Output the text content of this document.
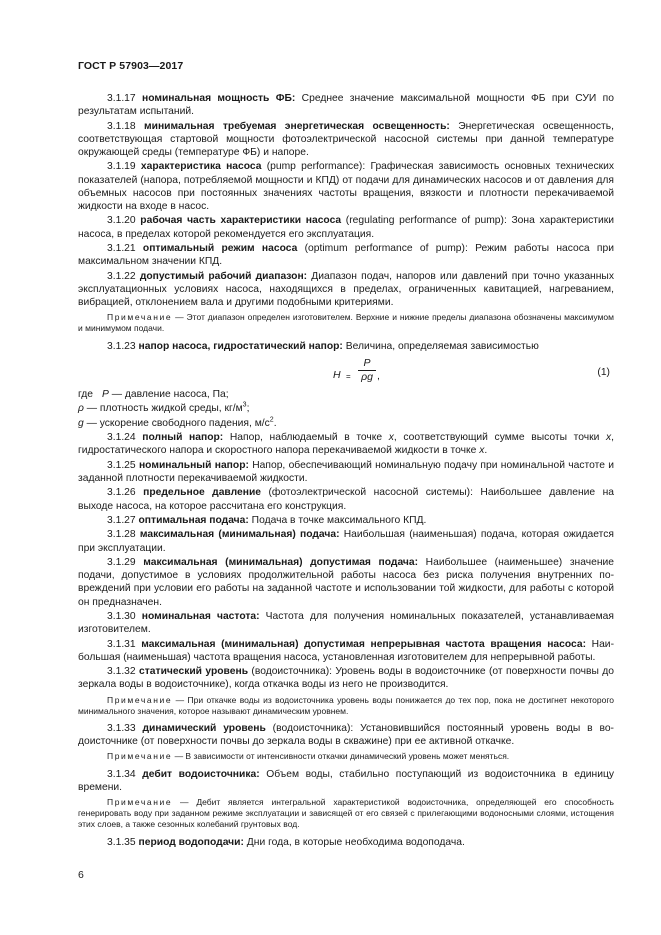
ГОСТ Р 57903—2017

3.1.17 номинальная мощность ФБ: Среднее значение максимальной мощности ФБ при СУИ по результатам испытаний.

3.1.18 минимальная требуемая энергетическая освещенность: Энергетическая освещенность, соответствующая стартовой мощности фотоэлектрической насосной системы при данной температуре окружающей среды (температуре ФБ) и напоре.

3.1.19 характеристика насоса (pump performance): Графическая зависимость основных технических показателей (напора, потребляемой мощности и КПД) от подачи для динамических насосов и от давления для объемных насосов при постоянных значениях частоты вращения, вязкости и плотности перекачиваемой жидкости на входе в насос.

3.1.20 рабочая часть характеристики насоса (regulating performance of pump): Зона характеристики насоса, в пределах которой рекомендуется его эксплуатация.

3.1.21 оптимальный режим насоса (optimum performance of pump): Режим работы насоса при максимальном значении КПД.

3.1.22 допустимый рабочий диапазон: Диапазон подач, напоров или давлений при точно указанных эксплуатационных условиях насоса, находящихся в пределах, ограниченных кавитацией, нагреванием, вибрацией, отклонением вала и другими подобными критериями.

Примечание — Этот диапазон определен изготовителем. Верхние и нижние пределы диапазона обозначены максимумом и минимумом подачи.

3.1.23 напор насоса, гидростатический напор: Величина, определяемая зависимостью

$H = \frac{P}{\rho g}$ ,	(1)

где P — давление насоса, Па;

ρ — плотность жидкой среды, $кг/м^3$;

g — ускорение свободного падения, $м/с^2$.

3.1.24 полный напор: Напор, наблюдаемый в точке x, соответствующий сумме высоты точки x, гидростатического напора и скоростного напора перекачиваемой жидкости в точке x.

3.1.25 номинальный напор: Напор, обеспечивающий номинальную подачу при номинальной частоте и заданной плотности перекачиваемой жидкости.

3.1.26 предельное давление (фотоэлектрической насосной системы): Наибольшее давление на выходе насоса, на которое рассчитана его конструкция.

3.1.27 оптимальная подача: Подача в точке максимального КПД.

3.1.28 максимальная (минимальная) подача: Наибольшая (наименьшая) подача, которая ожидается при эксплуатации.

3.1.29 максимальная (минимальная) допустимая подача: Наибольшее (наименьшее) значение подачи, допустимое в условиях продолжительной работы насоса без риска получения внутренних повреждений при условии его работы на заданной частоте и использовании той жидкости, для работы с которой он предназначен.

3.1.30 номинальная частота: Частота для получения номинальных показателей, устанавливаемая изготовителем.

3.1.31 максимальная (минимальная) допустимая непрерывная частота вращения насоса: Наибольшая (наименьшая) частота вращения насоса, установленная изготовителем для непрерывной работы.

3.1.32 статический уровень (водоисточника): Уровень воды в водоисточнике (от поверхности почвы до зеркала воды в водоисточнике), когда откачка воды из него не производится.

Примечание — При откачке воды из водоисточника уровень воды понижается до тех пор, пока не достигнет некоторого минимального значения, которое называют динамическим уровнем.

3.1.33 динамический уровень (водоисточника): Установившийся постоянный уровень воды в водоисточнике (от поверхности почвы до зеркала воды в скважине) при ее активной откачке.

Примечание — В зависимости от интенсивности откачки динамический уровень может меняться.

3.1.34 дебит водоисточника: Объем воды, стабильно поступающий из водоисточника в единицу времени.

Примечание — Дебит является интегральной характеристикой водоисточника, определяющей его способность генерировать воду при заданном режиме эксплуатации и зависящей от его связей с прилегающими водоносными слоями, истощения этих слоев, а также сезонных колебаний грунтовых вод.

3.1.35 период водоподачи: Дни года, в которые необходима водоподача.

6
